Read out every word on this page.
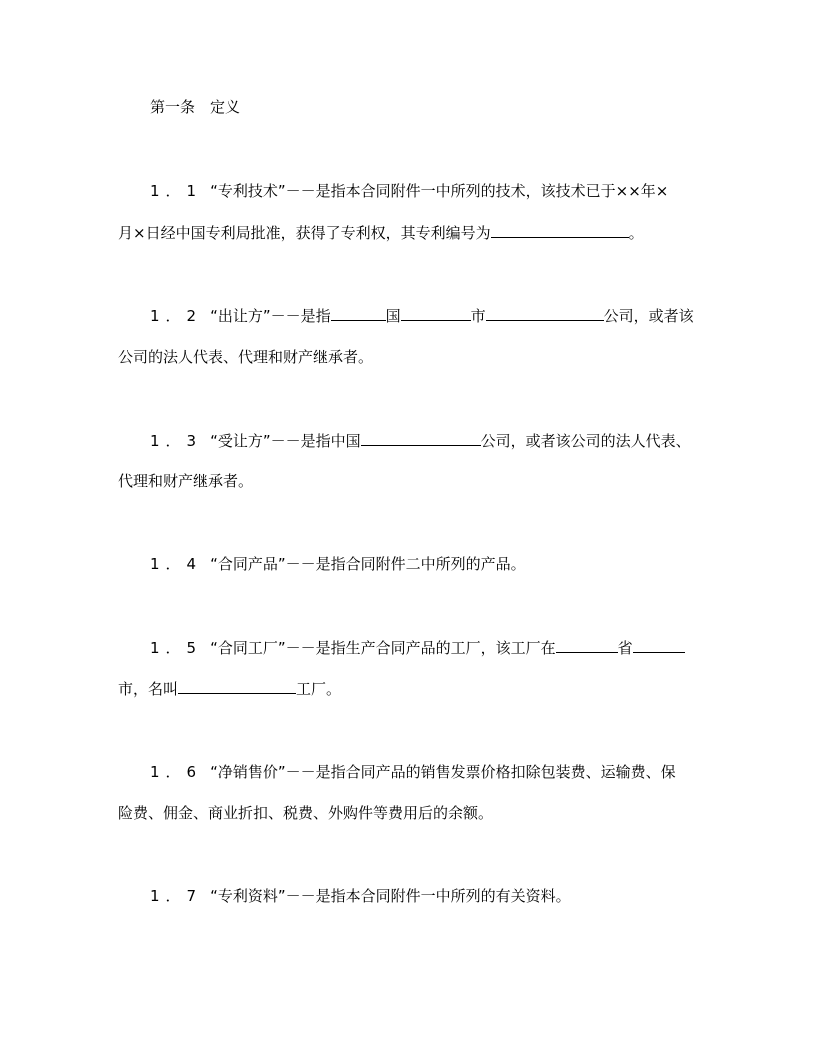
第一条　定义
1．1 “专利技术”－－是指本合同附件一中所列的技术，该技术已于××年×
月×日经中国专利局批准，获得了专利权，其专利编号为	。
1．2 “出让方”－－是指	国	市	公司，或者该
公司的法人代表、代理和财产继承者。
1．3 “受让方”－－是指中国	公司，或者该公司的法人代表、
代理和财产继承者。
1．4 “合同产品”－－是指合同附件二中所列的产品。
1．5 “合同工厂”－－是指生产合同产品的工厂，该工厂在	省
市，名叫	工厂。
1．6 “净销售价”－－是指合同产品的销售发票价格扣除包装费、运输费、保
险费、佣金、商业折扣、税费、外购件等费用后的余额。
1．7 “专利资料”－－是指本合同附件一中所列的有关资料。
